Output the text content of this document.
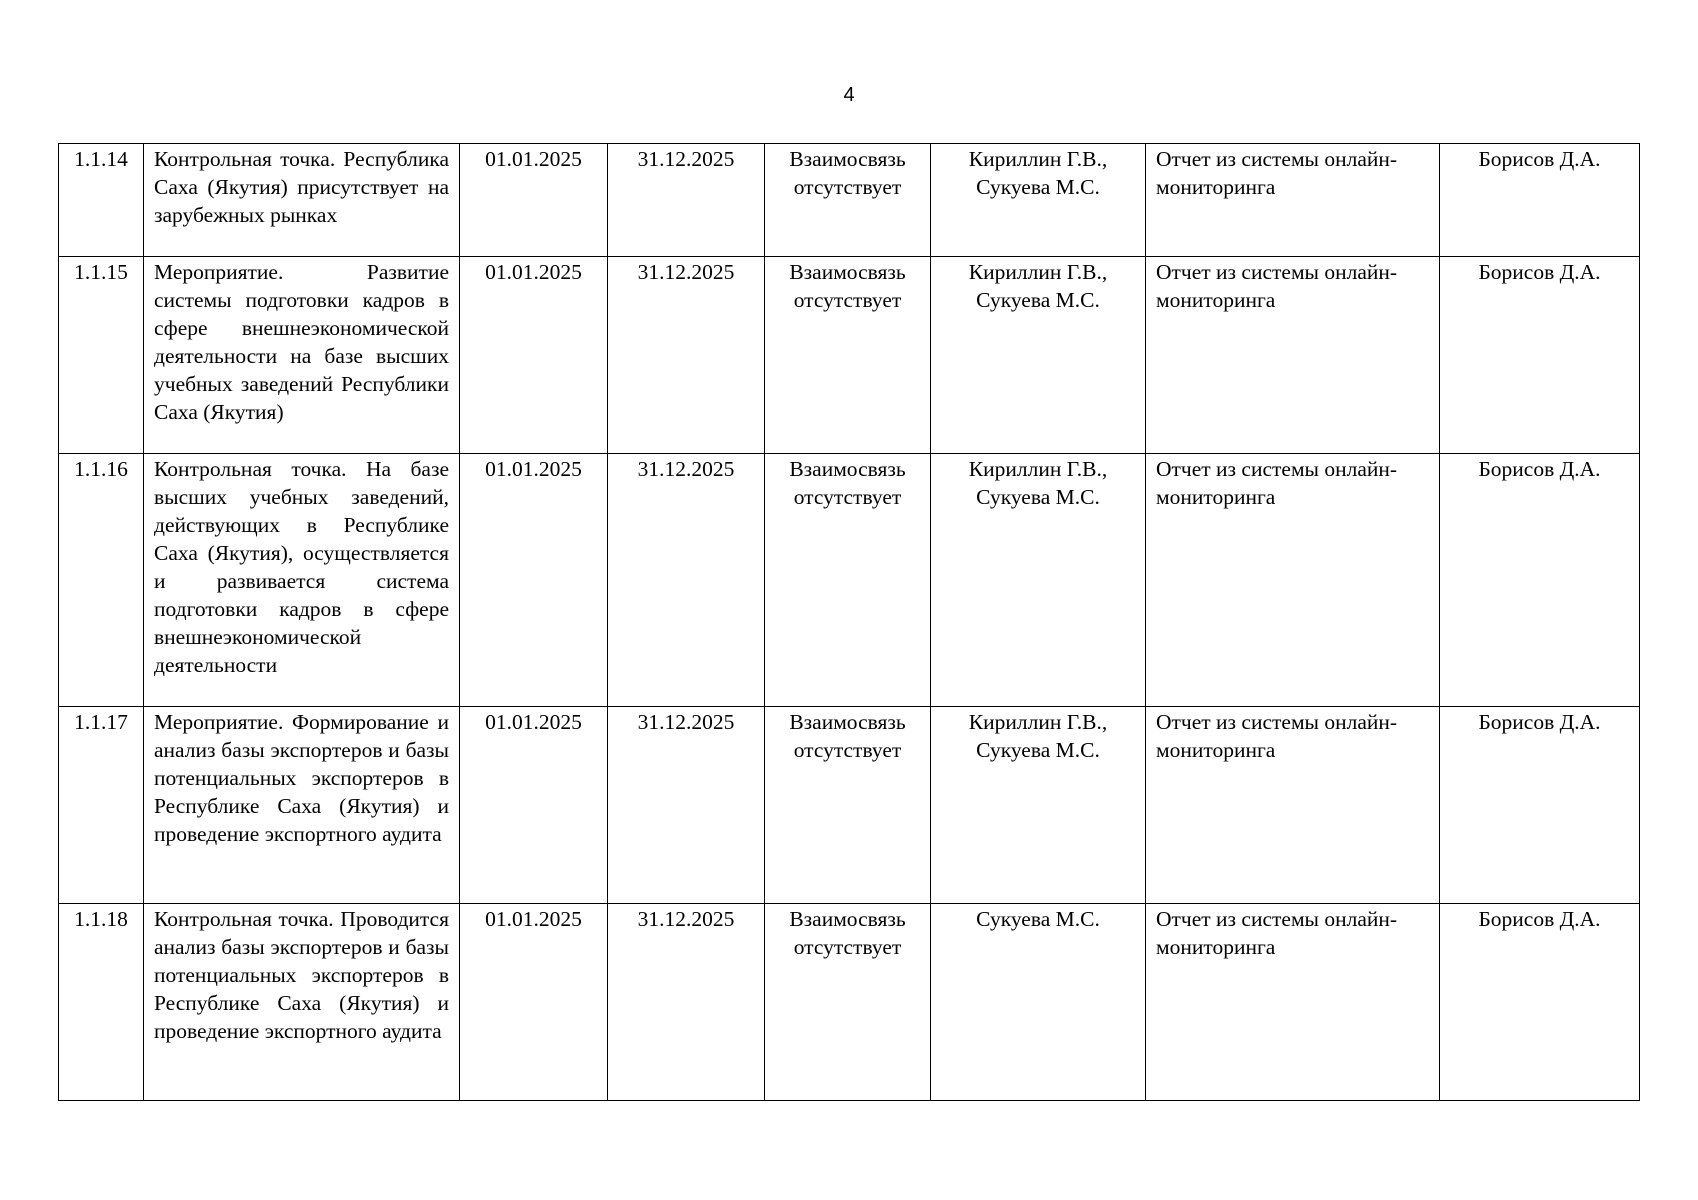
4
1.1.14	Контрольная точка. Республика Саха (Якутия) присутствует на зарубежных рынках	01.01.2025	31.12.2025	Взаимосвязь отсутствует	Кириллин Г.В., Сукуева М.С.	Отчет из системы онлайн-мониторинга	Борисов Д.А.
1.1.15	Мероприятие. Развитие системы подготовки кадров в сфере внешнеэкономической деятельности на базе высших учебных заведений Республики Саха (Якутия)	01.01.2025	31.12.2025	Взаимосвязь отсутствует	Кириллин Г.В., Сукуева М.С.	Отчет из системы онлайн-мониторинга	Борисов Д.А.
1.1.16	Контрольная точка. На базе высших учебных заведений, действующих в Республике Саха (Якутия), осуществляется и развивается система подготовки кадров в сфере внешнеэкономической деятельности	01.01.2025	31.12.2025	Взаимосвязь отсутствует	Кириллин Г.В., Сукуева М.С.	Отчет из системы онлайн-мониторинга	Борисов Д.А.
1.1.17	Мероприятие. Формирование и анализ базы экспортеров и базы потенциальных экспортеров в Республике Саха (Якутия) и проведение экспортного аудита	01.01.2025	31.12.2025	Взаимосвязь отсутствует	Кириллин Г.В., Сукуева М.С.	Отчет из системы онлайн-мониторинга	Борисов Д.А.
1.1.18	Контрольная точка. Проводится анализ базы экспортеров и базы потенциальных экспортеров в Республике Саха (Якутия) и проведение экспортного аудита	01.01.2025	31.12.2025	Взаимосвязь отсутствует	Сукуева М.С.	Отчет из системы онлайн-мониторинга	Борисов Д.А.
